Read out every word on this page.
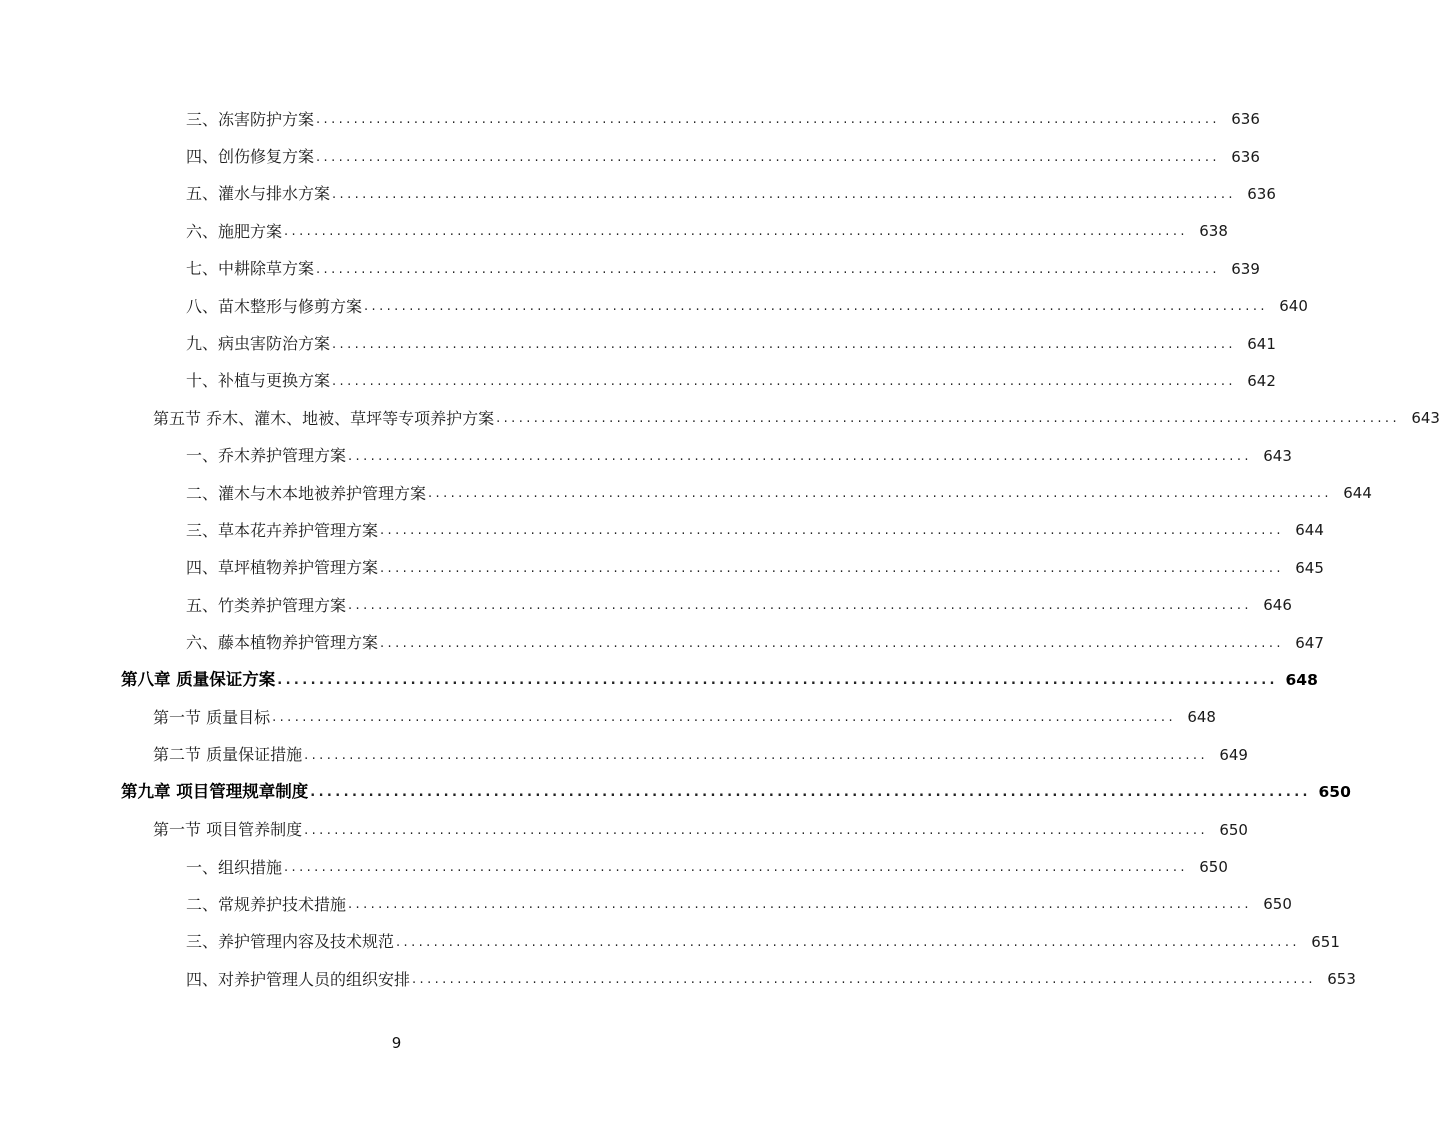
三、冻害防护方案 ........................................................................................................................ 636
四、创伤修复方案 ........................................................................................................................ 636
五、灌水与排水方案 ........................................................................................................................ 636
六、施肥方案 ........................................................................................................................ 638
七、中耕除草方案 ........................................................................................................................ 639
八、苗木整形与修剪方案 ........................................................................................................................ 640
九、病虫害防治方案 ........................................................................................................................ 641
十、补植与更换方案 ........................................................................................................................ 642
第五节 乔木、灌木、地被、草坪等专项养护方案 ........................................................................................................................ 643
一、乔木养护管理方案 ........................................................................................................................ 643
二、灌木与木本地被养护管理方案 ........................................................................................................................ 644
三、草本花卉养护管理方案 ........................................................................................................................ 644
四、草坪植物养护管理方案 ........................................................................................................................ 645
五、竹类养护管理方案 ........................................................................................................................ 646
六、藤本植物养护管理方案 ........................................................................................................................ 647
第八章 质量保证方案 ........................................................................................................................ 648
第一节 质量目标 ........................................................................................................................ 648
第二节 质量保证措施 ........................................................................................................................ 649
第九章 项目管理规章制度 ........................................................................................................................ 650
第一节 项目管养制度 ........................................................................................................................ 650
一、组织措施 ........................................................................................................................ 650
二、常规养护技术措施 ........................................................................................................................ 650
三、养护管理内容及技术规范 ........................................................................................................................ 651
四、对养护管理人员的组织安排 ........................................................................................................................ 653
9
